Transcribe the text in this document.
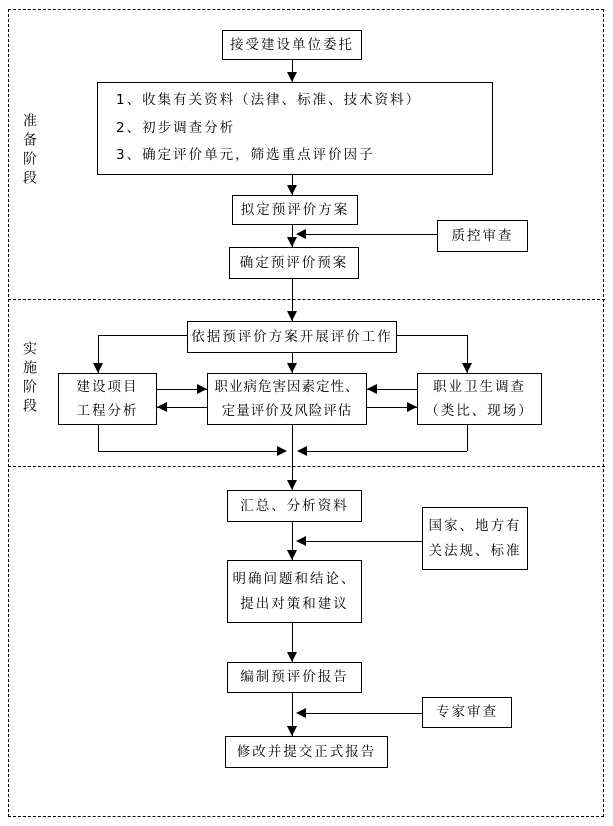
准备阶段
实施阶段
接受建设单位委托
1、收集有关资料（法律、标准、技术资料）
2、初步调查分析
3、确定评价单元，筛选重点评价因子
拟定预评价方案
质控审查
确定预评价预案
依据预评价方案开展评价工作
建设项目
工程分析
职业病危害因素定性、
定量评价及风险评估
职业卫生调查
（类比、现场）
汇总、分析资料
国家、地方有
关法规、标准
明确问题和结论、
提出对策和建议
编制预评价报告
专家审查
修改并提交正式报告
